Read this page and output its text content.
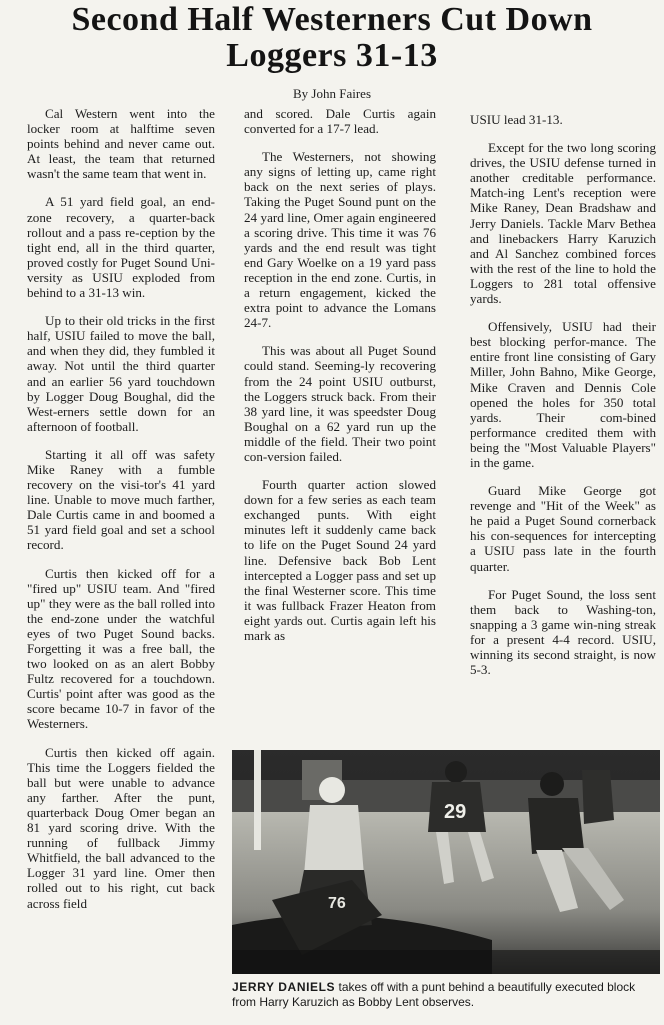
Second Half Westerners Cut Down
Loggers 31-13
By John Faires

Cal Western went into the locker room at halftime seven points behind and never came out. At least, the team that returned wasn't the same team that went in.

A 51 yard field goal, an end-zone recovery, a quarter-back rollout and a pass re-ception by the tight end, all in the third quarter, proved costly for Puget Sound Uni-versity as USIU exploded from behind to a 31-13 win.

Up to their old tricks in the first half, USIU failed to move the ball, and when they did, they fumbled it away. Not until the third quarter and an earlier 56 yard touchdown by Logger Doug Boughal, did the West-erners settle down for an afternoon of football.

Starting it all off was safety Mike Raney with a fumble recovery on the visi-tor's 41 yard line. Unable to move much farther, Dale Curtis came in and boomed a 51 yard field goal and set a school record.

Curtis then kicked off for a "fired up" USIU team. And "fired up" they were as the ball rolled into the end-zone under the watchful eyes of two Puget Sound backs. Forgetting it was a free ball, the two looked on as an alert Bobby Fultz recovered for a touchdown. Curtis' point after was good as the score became 10-7 in favor of the Westerners.

Curtis then kicked off again. This time the Loggers fielded the ball but were unable to advance any farther. After the punt, quarterback Doug Omer began an 81 yard scoring drive. With the running of fullback Jimmy Whitfield, the ball advanced to the Logger 31 yard line. Omer then rolled out to his right, cut back across field

and scored. Dale Curtis again converted for a 17-7 lead.

The Westerners, not showing any signs of letting up, came right back on the next series of plays. Taking the Puget Sound punt on the 24 yard line, Omer again engineered a scoring drive. This time it was 76 yards and the end result was tight end Gary Woelke on a 19 yard pass reception in the end zone. Curtis, in a return engagement, kicked the extra point to advance the Lomans 24-7.

This was about all Puget Sound could stand. Seeming-ly recovering from the 24 point USIU outburst, the Loggers struck back. From their 38 yard line, it was speedster Doug Boughal on a 62 yard run up the middle of the field. Their two point con-version failed.

Fourth quarter action slowed down for a few series as each team exchanged punts. With eight minutes left it suddenly came back to life on the Puget Sound 24 yard line. Defensive back Bob Lent intercepted a Logger pass and set up the final Westerner score. This time it was fullback Frazer Heaton from eight yards out. Curtis again left his mark as

USIU lead 31-13.

Except for the two long scoring drives, the USIU defense turned in another creditable performance. Match-ing Lent's reception were Mike Raney, Dean Bradshaw and Jerry Daniels. Tackle Marv Bethea and linebackers Harry Karuzich and Al Sanchez combined forces with the rest of the line to hold the Loggers to 281 total offensive yards.

Offensively, USIU had their best blocking perfor-mance. The entire front line consisting of Gary Miller, John Bahno, Mike George, Mike Craven and Dennis Cole opened the holes for 350 total yards. Their com-bined performance credited them with being the "Most Valuable Players" in the game.

Guard Mike George got revenge and "Hit of the Week" as he paid a Puget Sound cornerback his con-sequences for intercepting a USIU pass late in the fourth quarter.

For Puget Sound, the loss sent them back to Washing-ton, snapping a 3 game win-ning streak for a present 4-4 record. USIU, winning its second straight, is now 5-3.

76
29
JERRY DANIELS takes off with a punt behind a beautifully executed block from Harry Karuzich as Bobby Lent observes.
